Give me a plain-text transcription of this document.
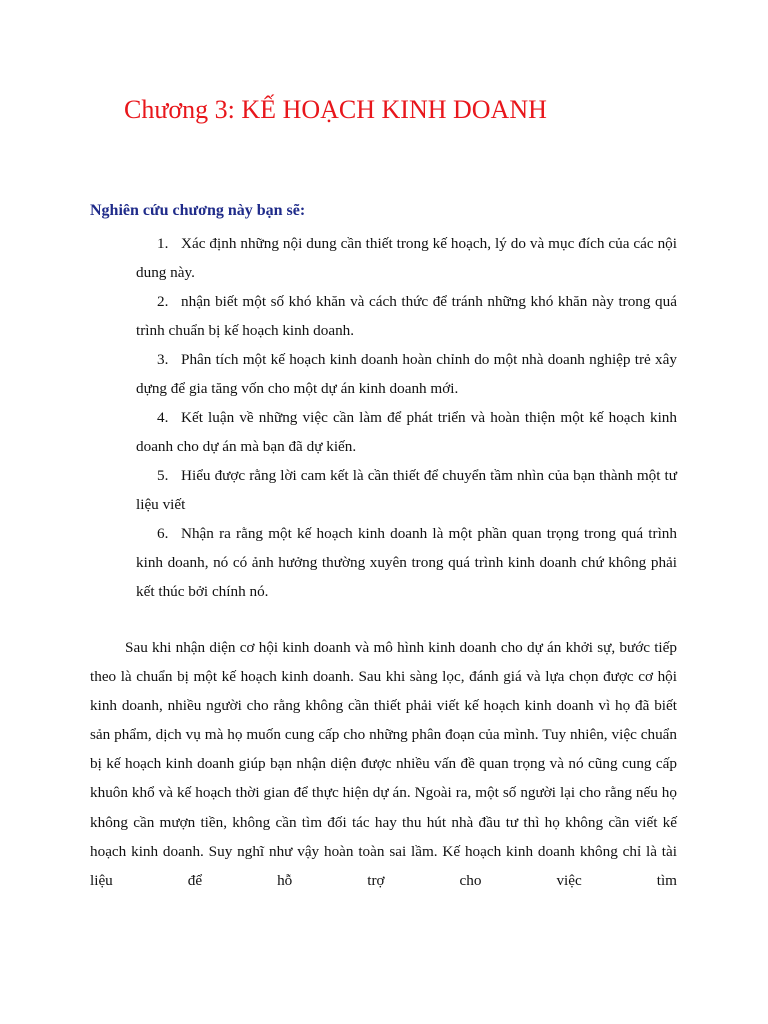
Chương 3: KẾ HOẠCH KINH DOANH

Nghiên cứu chương này bạn sẽ:

1. Xác định những nội dung cần thiết trong kế hoạch, lý do và mục đích của các nội dung này.
2. nhận biết một số khó khăn và cách thức để tránh những khó khăn này trong quá trình chuẩn bị kế hoạch kinh doanh.
3. Phân tích một kế hoạch kinh doanh hoàn chỉnh do một nhà doanh nghiệp trẻ xây dựng để gia tăng vốn cho một dự án kinh doanh mới.
4. Kết luận về những việc cần làm để phát triển và hoàn thiện một kế hoạch kinh doanh cho dự án mà bạn đã dự kiến.
5. Hiểu được rằng lời cam kết là cần thiết để chuyển tầm nhìn của bạn thành một tư liệu viết
6. Nhận ra rằng một kế hoạch kinh doanh là một phần quan trọng trong quá trình kinh doanh, nó có ảnh hưởng thường xuyên trong quá trình kinh doanh chứ không phải kết thúc bởi chính nó.

Sau khi nhận diện cơ hội kinh doanh và mô hình kinh doanh cho dự án khởi sự, bước tiếp theo là chuẩn bị một kế hoạch kinh doanh. Sau khi sàng lọc, đánh giá và lựa chọn được cơ hội kinh doanh, nhiều người cho rằng không cần thiết phải viết kế hoạch kinh doanh vì họ đã biết sản phẩm, dịch vụ mà họ muốn cung cấp cho những phân đoạn của mình. Tuy nhiên, việc chuẩn bị kế hoạch kinh doanh giúp bạn nhận diện được nhiều vấn đề quan trọng và nó cũng cung cấp khuôn khổ và kế hoạch thời gian để thực hiện dự án. Ngoài ra, một số người lại cho rằng nếu họ không cần mượn tiền, không cần tìm đối tác hay thu hút nhà đầu tư thì họ không cần viết kế hoạch kinh doanh. Suy nghĩ như vậy hoàn toàn sai lầm. Kế hoạch kinh doanh không chỉ là tài liệu để hỗ trợ cho việc tìm
